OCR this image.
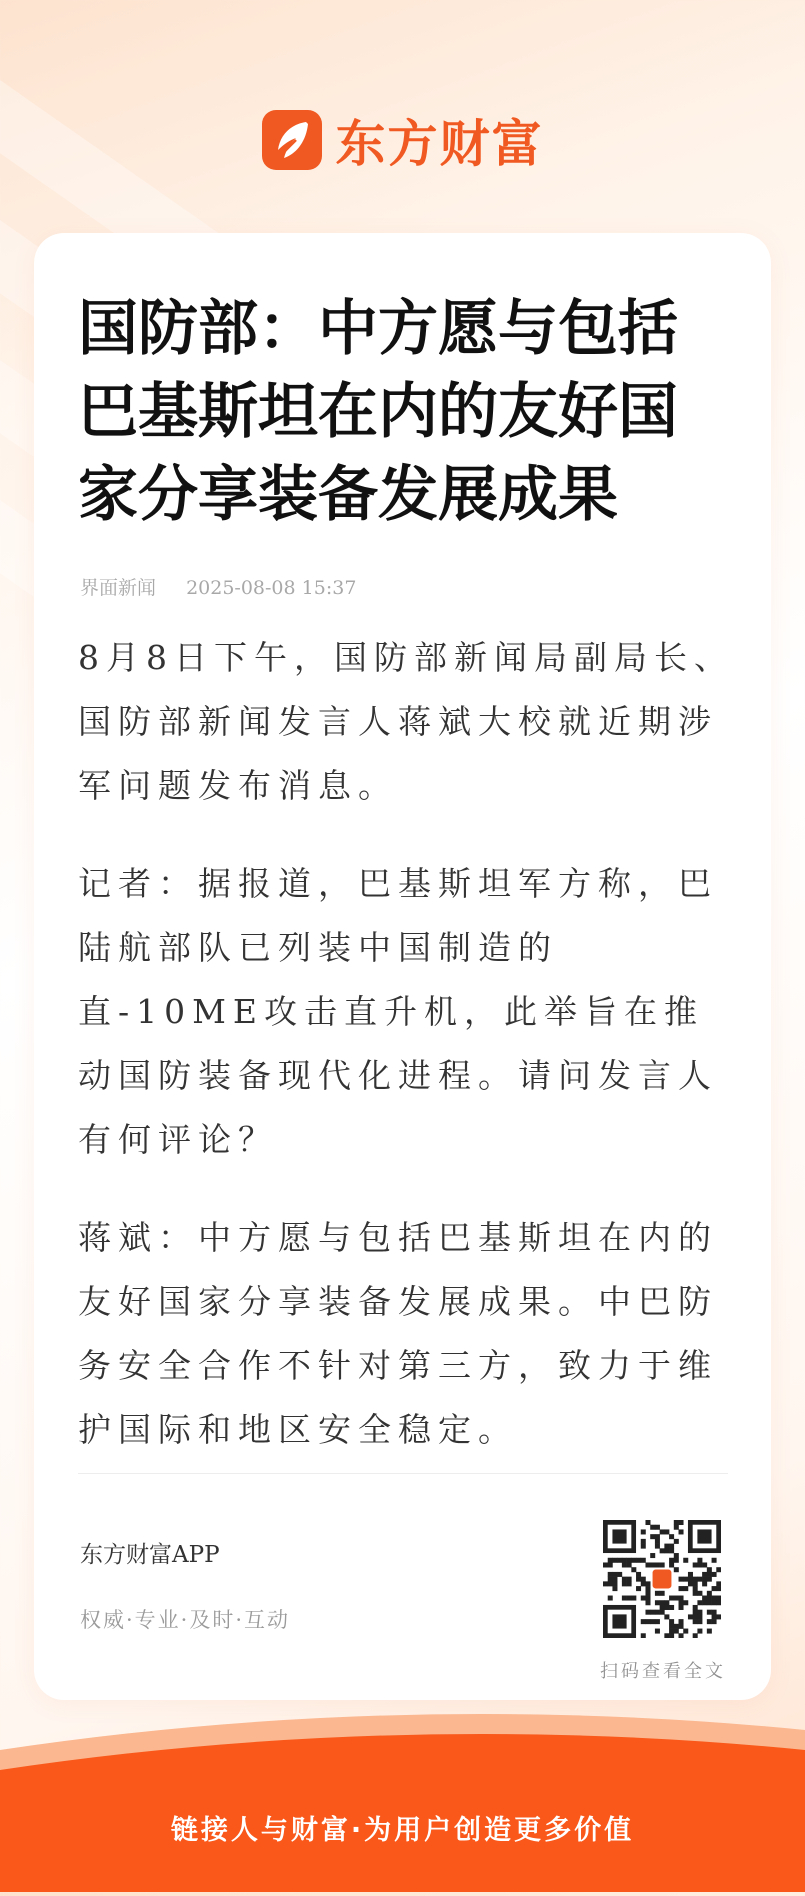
东方财富
国防部：中方愿与包括巴基斯坦在内的友好国家分享装备发展成果
界面新闻 2025-08-08 15:37

8月8日下午，国防部新闻局副局长、国防部新闻发言人蒋斌大校就近期涉军问题发布消息。

记者：据报道，巴基斯坦军方称，巴陆航部队已列装中国制造的直-10ME攻击直升机，此举旨在推动国防装备现代化进程。请问发言人有何评论？

蒋斌：中方愿与包括巴基斯坦在内的友好国家分享装备发展成果。中巴防务安全合作不针对第三方，致力于维护国际和地区安全稳定。

东方财富APP
权威·专业·及时·互动
扫码查看全文
链接人与财富·为用户创造更多价值
